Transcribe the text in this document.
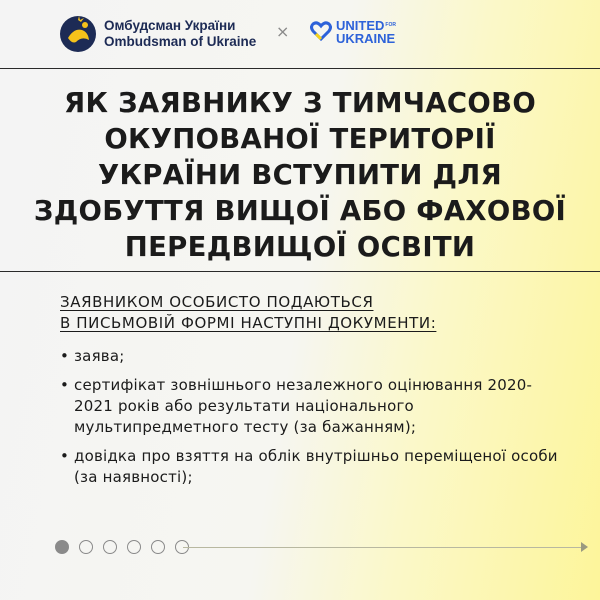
Омбудсман України
Ombudsman of Ukraine
×	$UNITED^{FOR}$
UKRAINE
ЯК ЗАЯВНИКУ З ТИМЧАСОВО
ОКУПОВАНОЇ ТЕРИТОРІЇ
УКРАЇНИ ВСТУПИТИ ДЛЯ
ЗДОБУТТЯ ВИЩОЇ АБО ФАХОВОЇ
ПЕРЕДВИЩОЇ ОСВІТИ

ЗАЯВНИКОМ ОСОБИСТО ПОДАЮТЬСЯ
В ПИСЬМОВІЙ ФОРМІ НАСТУПНІ ДОКУМЕНТИ:

• заява;
• сертифікат зовнішнього незалежного оцінювання 2020-2021 років або результати національного мультипредметного тесту (за бажанням);
• довідка про взяття на облік внутрішньо переміщеної особи (за наявності);
